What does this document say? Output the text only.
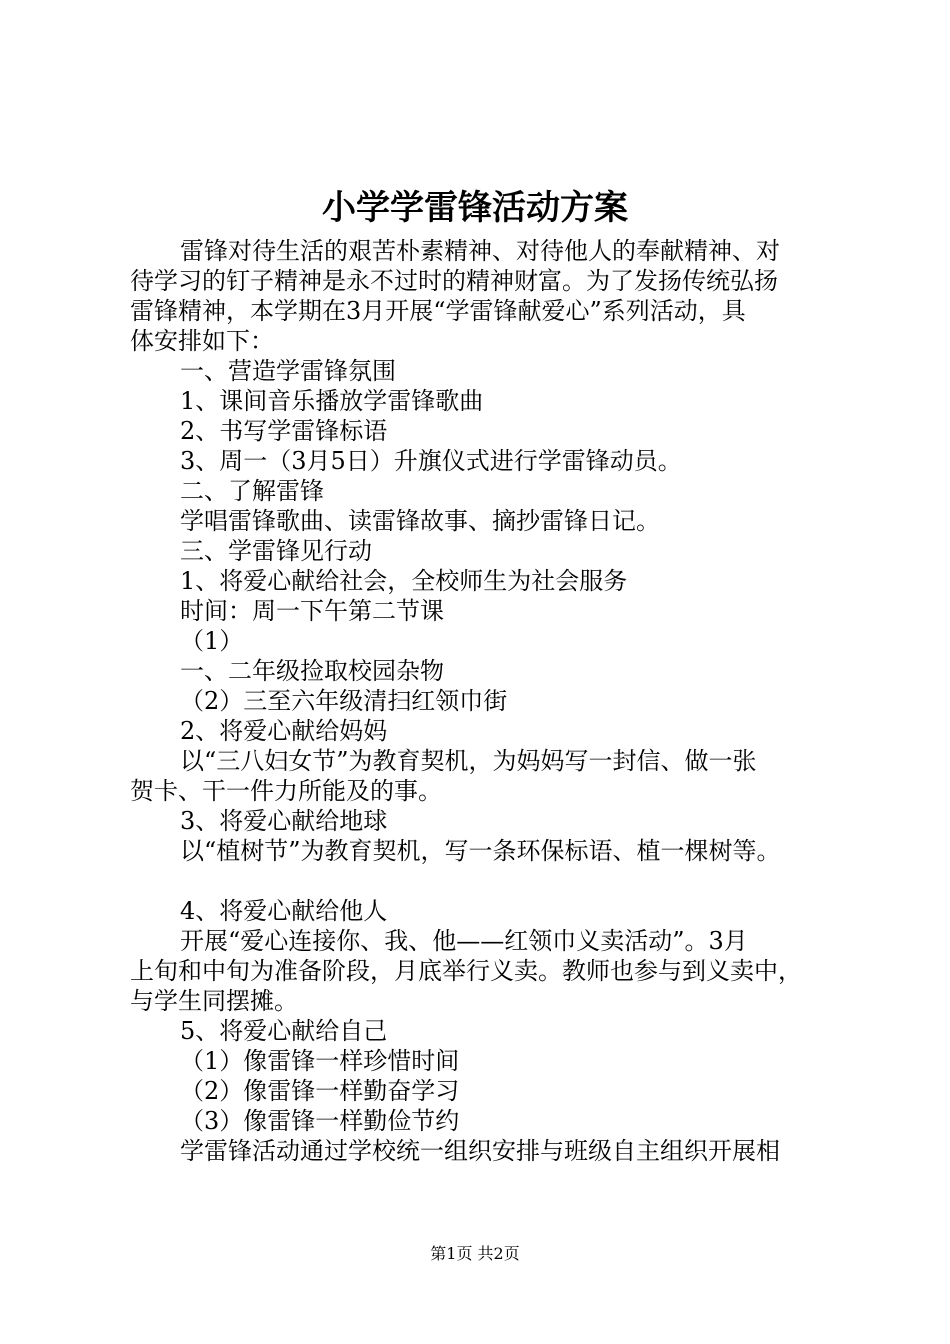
小学学雷锋活动方案
雷锋对待生活的艰苦朴素精神、对待他人的奉献精神、对
待学习的钉子精神是永不过时的精神财富。为了发扬传统弘扬
雷锋精神，本学期在3月开展“学雷锋献爱心”系列活动，具
体安排如下：
一、营造学雷锋氛围
1、课间音乐播放学雷锋歌曲
2、书写学雷锋标语
3、周一（3月5日）升旗仪式进行学雷锋动员。
二、了解雷锋
学唱雷锋歌曲、读雷锋故事、摘抄雷锋日记。
三、学雷锋见行动
1、将爱心献给社会，全校师生为社会服务
时间：周一下午第二节课
（1）
一、二年级捡取校园杂物
（2）三至六年级清扫红领巾街
2、将爱心献给妈妈
以“三八妇女节”为教育契机，为妈妈写一封信、做一张
贺卡、干一件力所能及的事。
3、将爱心献给地球
以“植树节”为教育契机，写一条环保标语、植一棵树等。
4、将爱心献给他人
开展“爱心连接你、我、他——红领巾义卖活动”。3月
上旬和中旬为准备阶段，月底举行义卖。教师也参与到义卖中，
与学生同摆摊。
5、将爱心献给自己
（1）像雷锋一样珍惜时间
（2）像雷锋一样勤奋学习
（3）像雷锋一样勤俭节约
学雷锋活动通过学校统一组织安排与班级自主组织开展相
第1页 共2页
